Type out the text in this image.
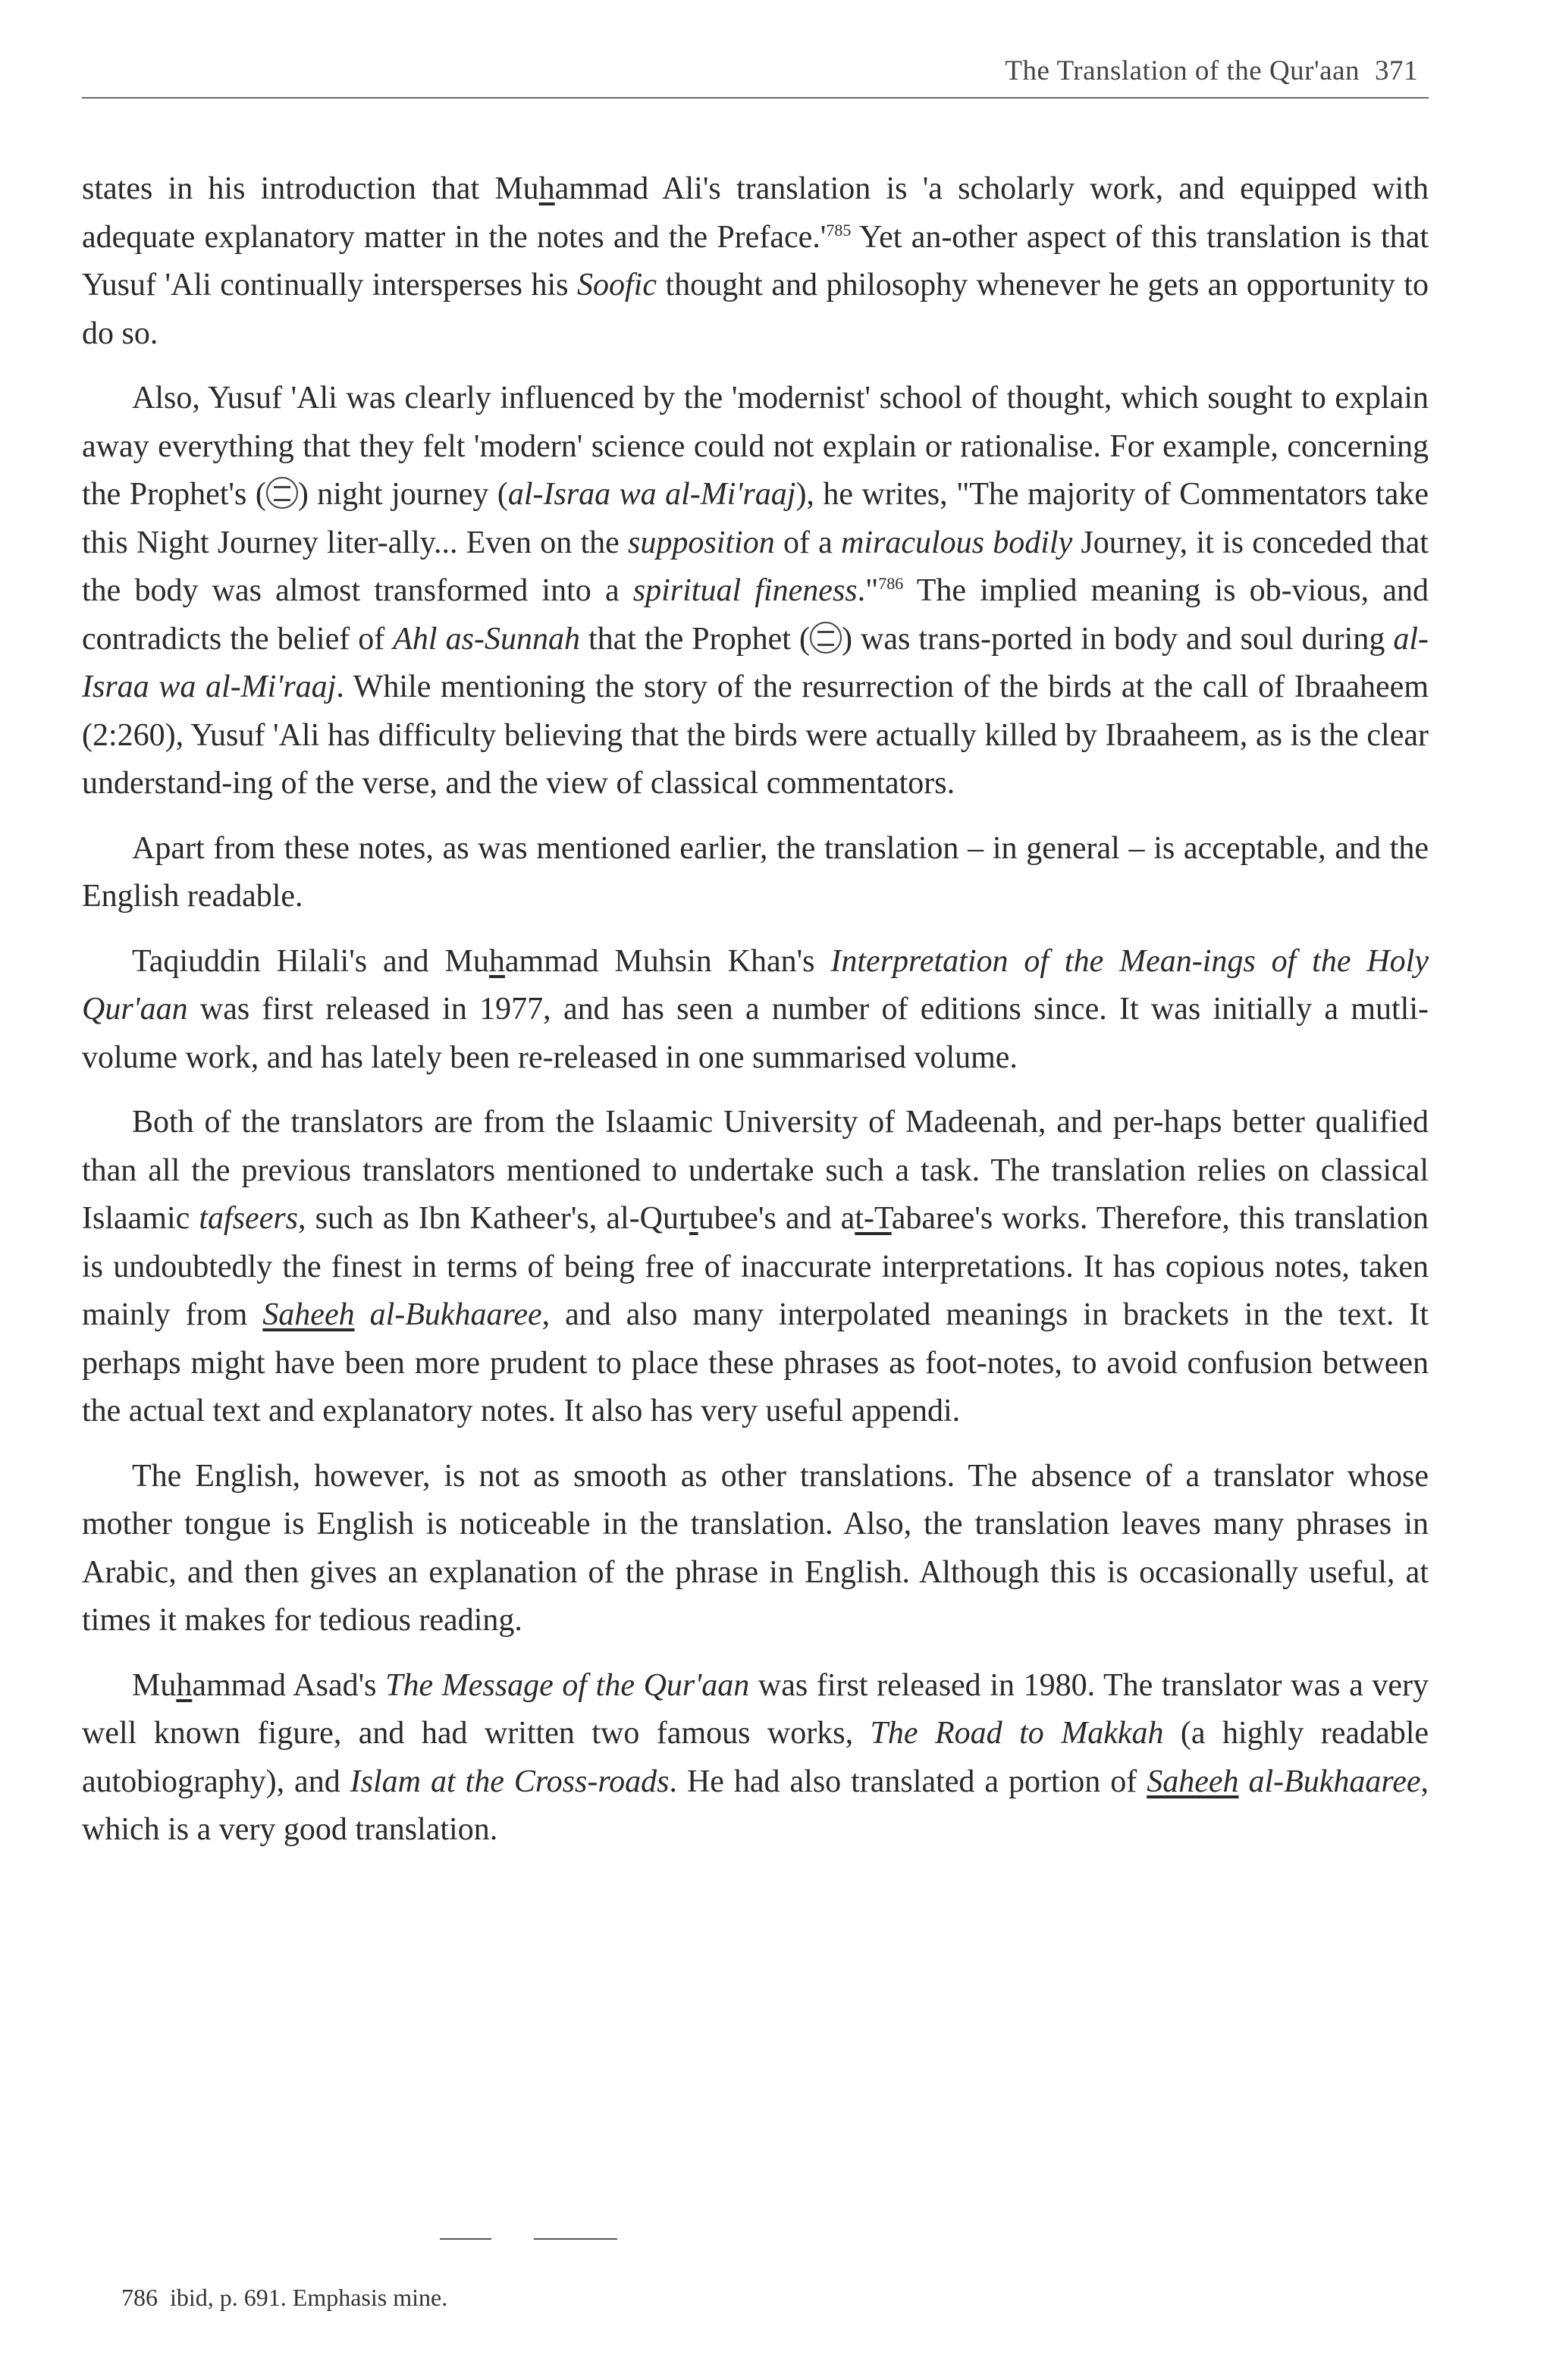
The Translation of the Qur'aan 371

states in his introduction that Muhammad Ali's translation is 'a scholarly work, and equipped with adequate explanatory matter in the notes and the $Preface.'^{785}$ Yet an-other aspect of this translation is that Yusuf 'Ali continually intersperses his Soofic thought and philosophy whenever he gets an opportunity to do so.

Also, Yusuf 'Ali was clearly influenced by the 'modernist' school of thought, which sought to explain away everything that they felt 'modern' science could not explain or rationalise. For example, concerning the Prophet's ( ) night journey (al-Israa wa al-Mi'raaj), he writes, "The majority of Commentators take this Night Journey liter-ally... Even on the supposition of a miraculous bodily Journey, it is conceded that the body was almost transformed into a spiritual fineness."$^{786}$ The implied meaning is ob-vious, and contradicts the belief of Ahl as-Sunnah that the Prophet ( ) was trans-ported in body and soul during al-Israa wa al-Mi'raaj. While mentioning the story of the resurrection of the birds at the call of Ibraaheem (2:260), Yusuf 'Ali has difficulty believing that the birds were actually killed by Ibraaheem, as is the clear understand-ing of the verse, and the view of classical commentators.

Apart from these notes, as was mentioned earlier, the translation – in general – is acceptable, and the English readable.

Taqiuddin Hilali's and Muhammad Muhsin Khan's Interpretation of the Mean-ings of the Holy Qur'aan was first released in 1977, and has seen a number of editions since. It was initially a mutli-volume work, and has lately been re-released in one summarised volume.

Both of the translators are from the Islaamic University of Madeenah, and per-haps better qualified than all the previous translators mentioned to undertake such a task. The translation relies on classical Islaamic tafseers, such as Ibn Katheer's, al-Qurtubee's and at-Tabaree's works. Therefore, this translation is undoubtedly the finest in terms of being free of inaccurate interpretations. It has copious notes, taken mainly from Saheeh al-Bukhaaree, and also many interpolated meanings in brackets in the text. It perhaps might have been more prudent to place these phrases as foot-notes, to avoid confusion between the actual text and explanatory notes. It also has very useful appendi.

The English, however, is not as smooth as other translations. The absence of a translator whose mother tongue is English is noticeable in the translation. Also, the translation leaves many phrases in Arabic, and then gives an explanation of the phrase in English. Although this is occasionally useful, at times it makes for tedious reading.

Muhammad Asad's The Message of the Qur'aan was first released in 1980. The translator was a very well known figure, and had written two famous works, The Road to Makkah (a highly readable autobiography), and Islam at the Cross-roads. He had also translated a portion of Saheeh al-Bukhaaree, which is a very good translation.

786 ibid, p. 691. Emphasis mine.
